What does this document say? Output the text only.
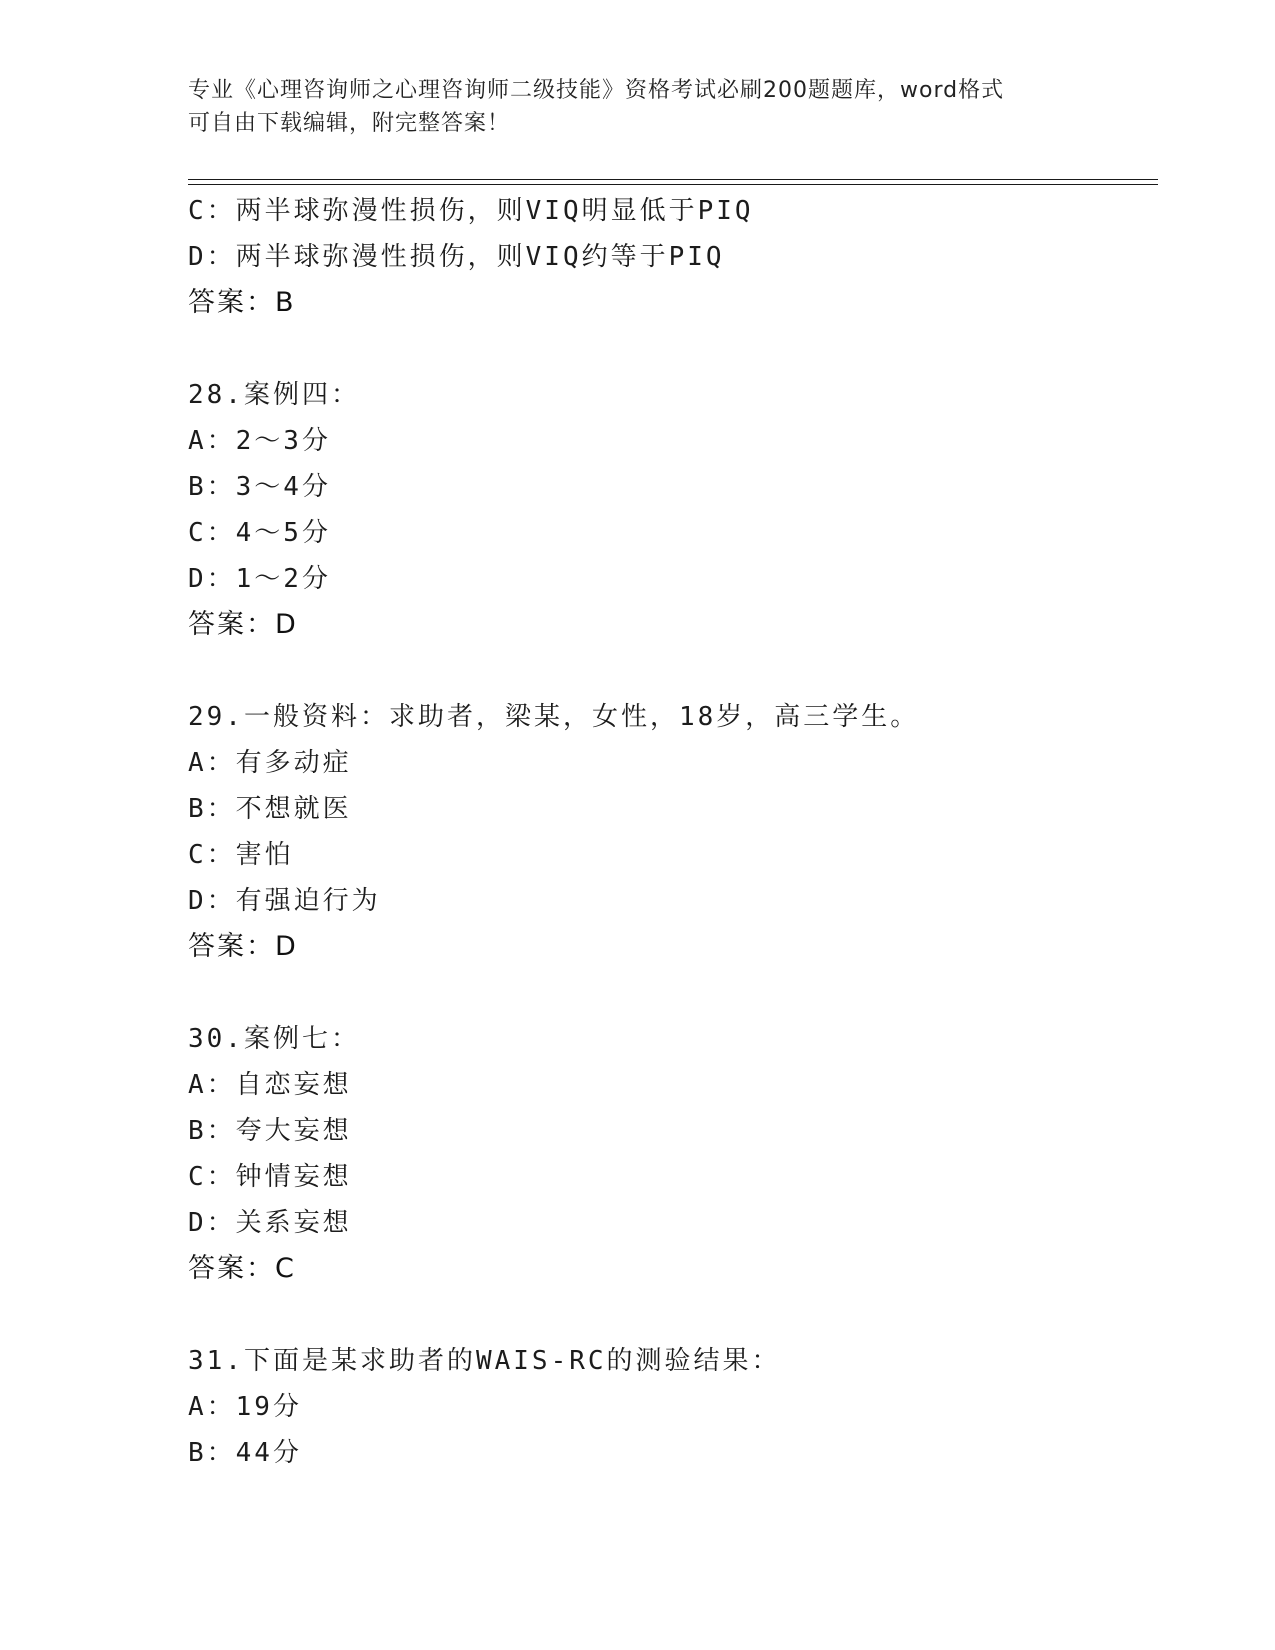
专业《心理咨询师之心理咨询师二级技能》资格考试必刷200题题库，word格式

可自由下载编辑，附完整答案！

C：两半球弥漫性损伤，则VIQ明显低于PIQ
D：两半球弥漫性损伤，则VIQ约等于PIQ
答案：B
28.案例四：
A：2～3分
B：3～4分
C：4～5分
D：1～2分
答案：D
29.一般资料：求助者，梁某，女性，18岁，高三学生。
A：有多动症
B：不想就医
C：害怕
D：有强迫行为
答案：D
30.案例七：
A：自恋妄想
B：夸大妄想
C：钟情妄想
D：关系妄想
答案：C
31.下面是某求助者的WAIS-RC的测验结果：
A：19分
B：44分
